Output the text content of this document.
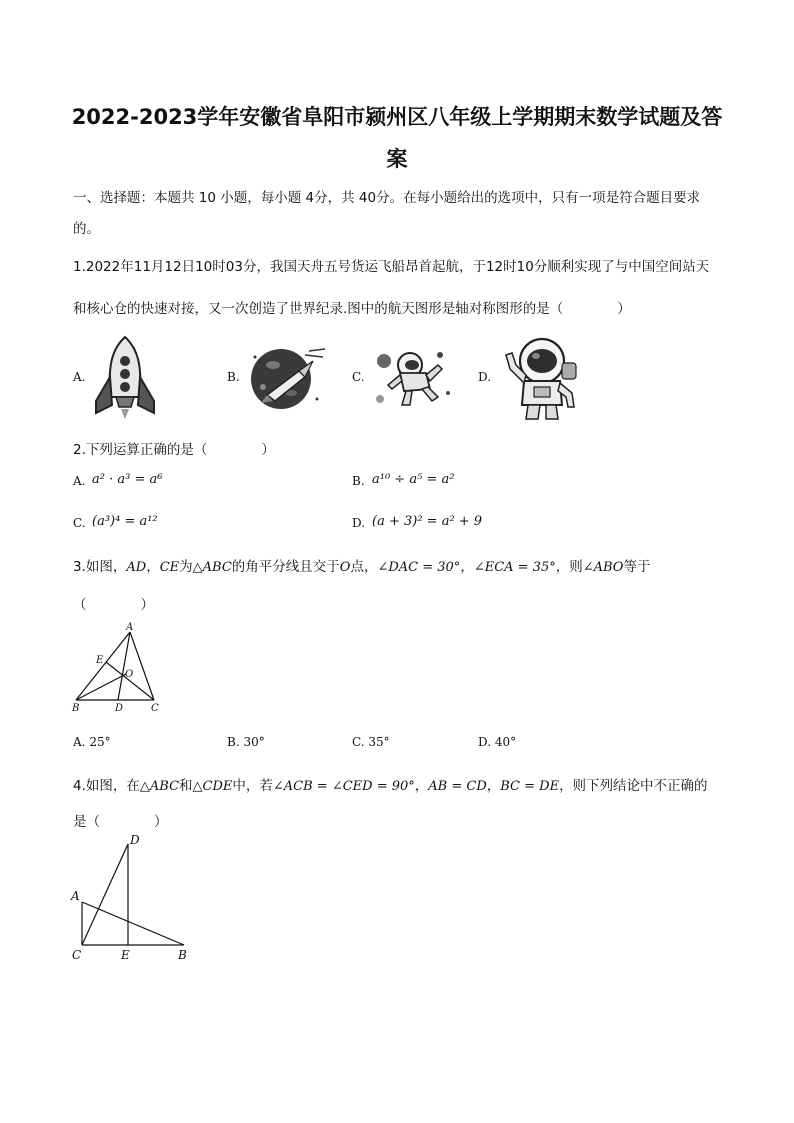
2022-2023学年安徽省阜阳市颍州区八年级上学期期末数学试题及答
案
一、选择题：本题共 10 小题，每小题 4分，共 40分。在每小题给出的选项中，只有一项是符合题目要求
的。
1.2022年11月12日10时03分，我国天舟五号货运飞船昂首起航，于12时10分顺利实现了与中国空间站天
和核心仓的快速对接，又一次创造了世界纪录.图中的航天图形是轴对称图形的是（　　　　）
A.	B.	C.	D.
2.下列运算正确的是（　　　　）
A. a² · a³ = a⁶	B. a¹⁰ ÷ a⁵ = a²
C. (a³)⁴ = a¹²	D. (a + 3)² = a² + 9
3.如图，AD，CE为△ABC的角平分线且交于O点，∠DAC = 30°，∠ECA = 35°，则∠ABO等于
（　　　　）
A
E
O
B	D	C
A. 25°	B. 30°	C. 35°	D. 40°
4.如图，在△ABC和△CDE中，若∠ACB = ∠CED = 90°，AB = CD，BC = DE，则下列结论中不正确的
是（　　　　）
D
A
C	E	B
